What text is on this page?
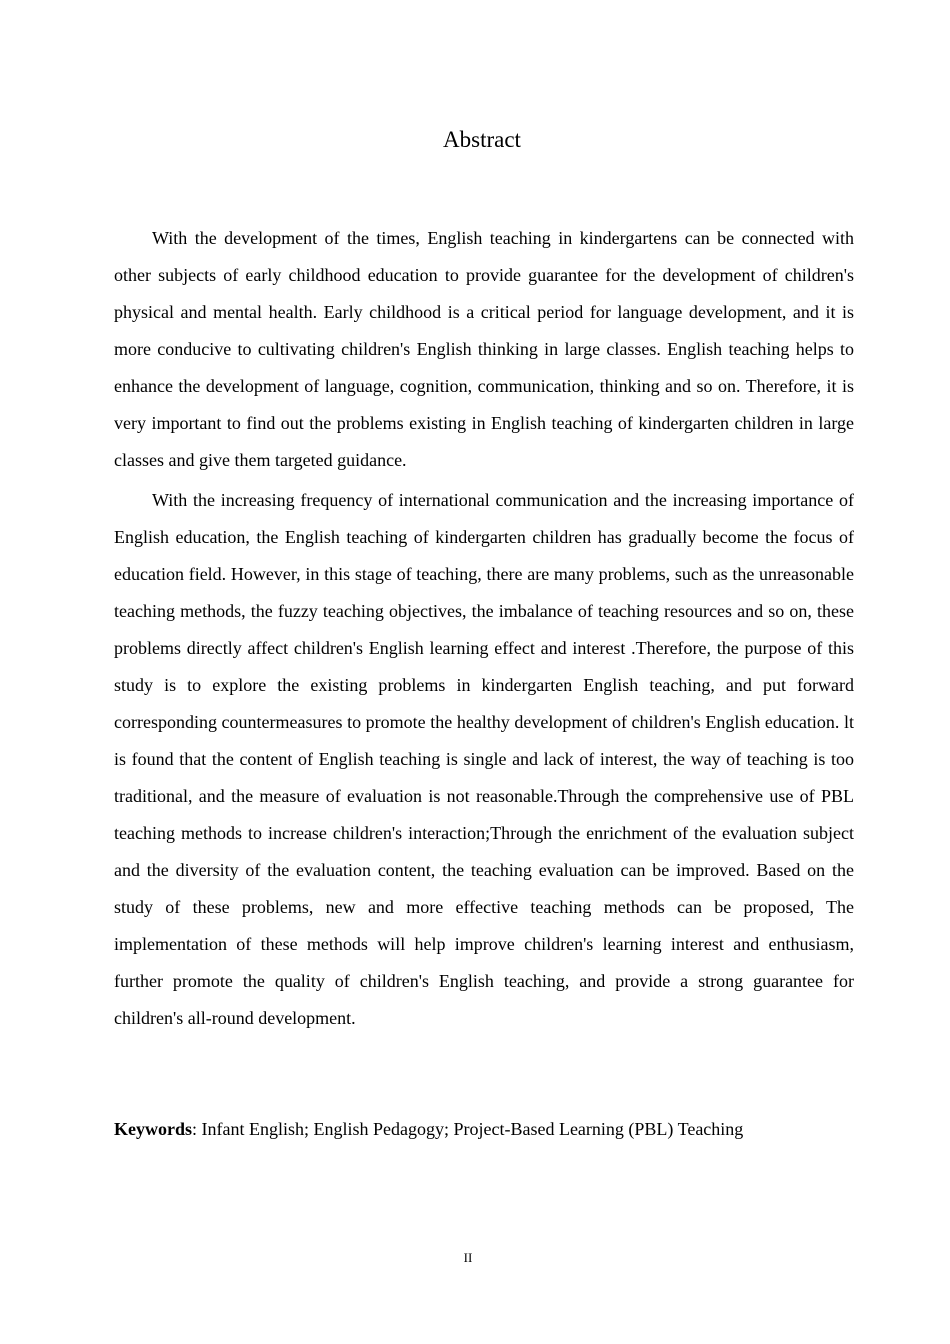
Abstract

With the development of the times, English teaching in kindergartens can be connected with other subjects of early childhood education to provide guarantee for the development of children's physical and mental health. Early childhood is a critical period for language development, and it is more conducive to cultivating children's English thinking in large classes. English teaching helps to enhance the development of language, cognition, communication, thinking and so on. Therefore, it is very important to find out the problems existing in English teaching of kindergarten children in large classes and give them targeted guidance.

With the increasing frequency of international communication and the increasing importance of English education, the English teaching of kindergarten children has gradually become the focus of education field. However, in this stage of teaching, there are many problems, such as the unreasonable teaching methods, the fuzzy teaching objectives, the imbalance of teaching resources and so on, these problems directly affect children's English learning effect and interest .Therefore, the purpose of this study is to explore the existing problems in kindergarten English teaching, and put forward corresponding countermeasures to promote the healthy development of children's English education. lt is found that the content of English teaching is single and lack of interest, the way of teaching is too traditional, and the measure of evaluation is not reasonable.Through the comprehensive use of PBL teaching methods to increase children's interaction;Through the enrichment of the evaluation subject and the diversity of the evaluation content, the teaching evaluation can be improved. Based on the study of these problems, new and more effective teaching methods can be proposed, The implementation of these methods will help improve children's learning interest and enthusiasm, further promote the quality of children's English teaching, and provide a strong guarantee for children's all-round development.

Keywords: Infant English; English Pedagogy; Project-Based Learning (PBL) Teaching

II
